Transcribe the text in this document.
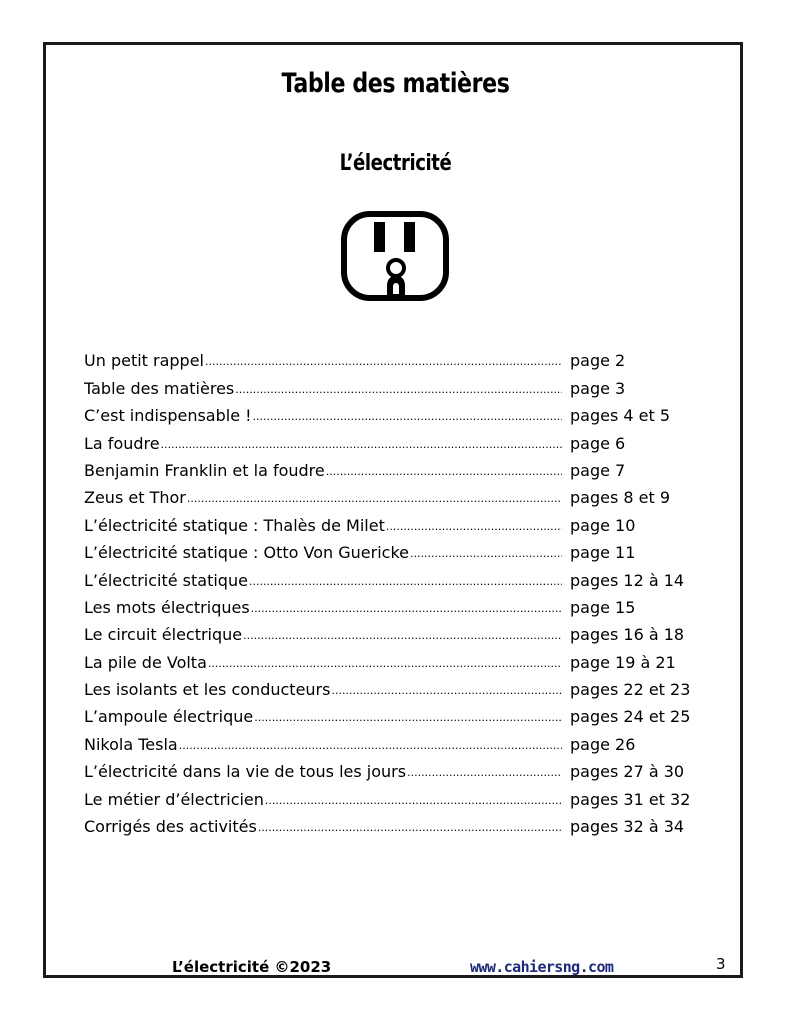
Table des matières
L’électricité
Un petit rappel .....	page 2
Table des matières .....	page 3
C’est indispensable ! .....	pages 4 et 5
La foudre .....	page 6
Benjamin Franklin et la foudre .....	page 7
Zeus et Thor .....	pages 8 et 9
L’électricité statique : Thalès de Milet .....	page 10
L’électricité statique : Otto Von Guericke .....	page 11
L’électricité statique .....	pages 12 à 14
Les mots électriques .....	page 15
Le circuit électrique .....	pages 16 à 18
La pile de Volta .....	page 19 à 21
Les isolants et les conducteurs .....	pages 22 et 23
L’ampoule électrique .....	pages 24 et 25
Nikola Tesla .....	page 26
L’électricité dans la vie de tous les jours .....	pages 27 à 30
Le métier d’électricien .....	pages 31 et 32
Corrigés des activités .....	pages 32 à 34
L’électricité ©2023	www.cahiersng.com	3
